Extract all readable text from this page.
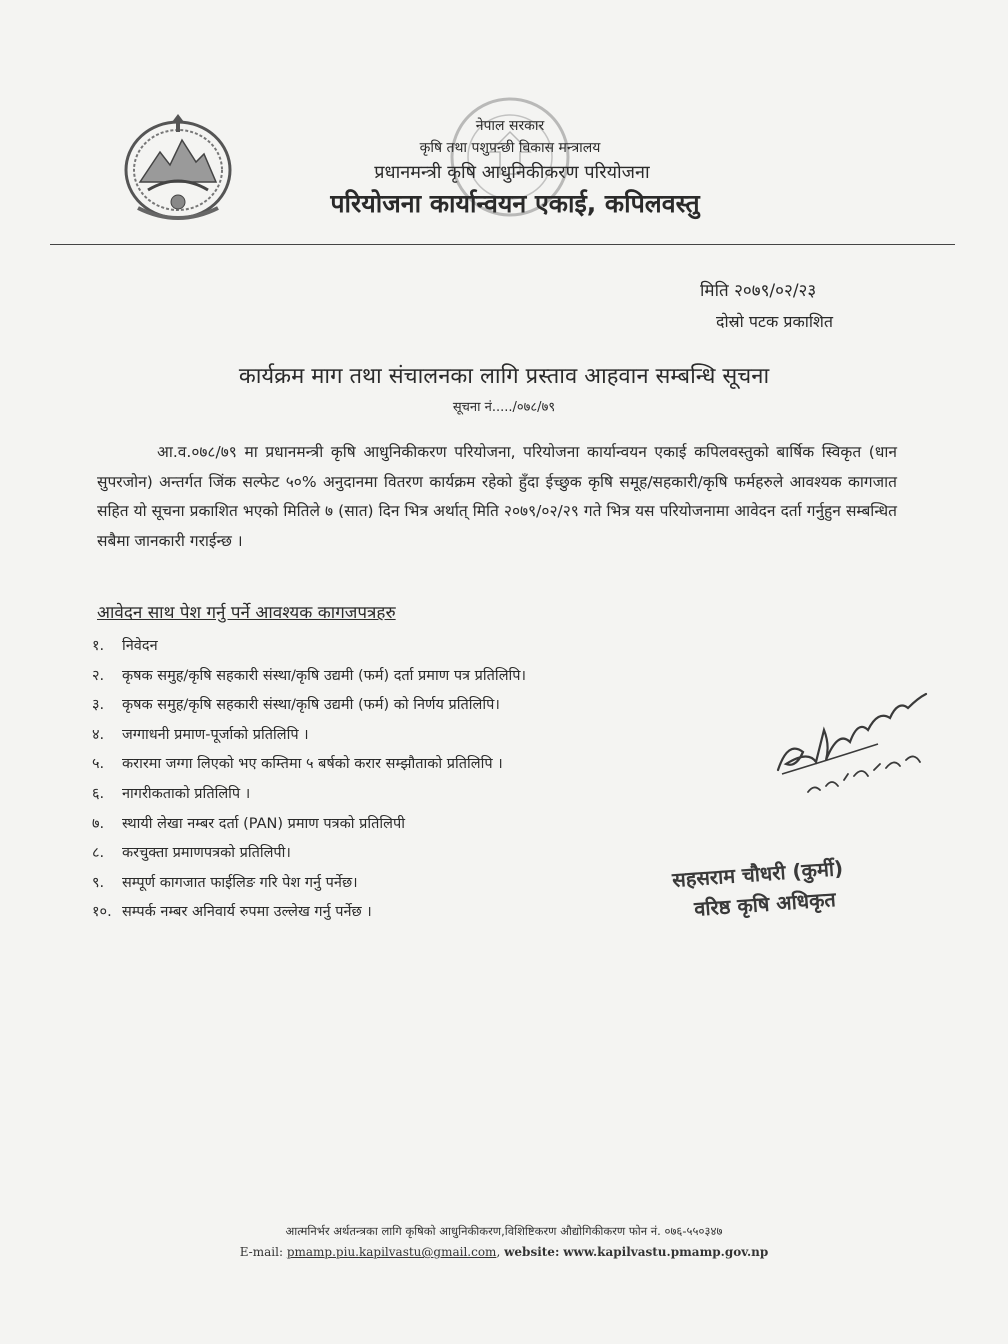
नेपाल सरकार
कृषि तथा पशुपन्छी विकास मन्त्रालय
प्रधानमन्त्री कृषि आधुनिकीकरण परियोजना
परियोजना कार्यान्वयन एकाई, कपिलवस्तु
मिति २०७९/०२/२३
दोस्रो पटक प्रकाशित
कार्यक्रम माग तथा संचालनका लागि प्रस्ताव आहवान सम्बन्धि सूचना
सूचना नं...../०७८/७९
आ.व.०७८/७९ मा प्रधानमन्त्री कृषि आधुनिकीकरण परियोजना, परियोजना कार्यान्वयन एकाई कपिलवस्तुको बार्षिक स्विकृत (धान सुपरजोन) अन्तर्गत जिंक सल्फेट ५०% अनुदानमा वितरण कार्यक्रम रहेको हुँदा ईच्छुक कृषि समूह/सहकारी/कृषि फर्महरुले आवश्यक कागजात सहित यो सूचना प्रकाशित भएको मितिले ७ (सात) दिन भित्र अर्थात् मिति २०७९/०२/२९ गते भित्र यस परियोजनामा आवेदन दर्ता गर्नुहुन सम्बन्धित सबैमा जानकारी गराईन्छ ।
आवेदन साथ पेश गर्नु पर्ने आवश्यक कागजपत्रहरु
१. निवेदन
२. कृषक समुह/कृषि सहकारी संस्था/कृषि उद्यमी (फर्म) दर्ता प्रमाण पत्र प्रतिलिपि।
३. कृषक समुह/कृषि सहकारी संस्था/कृषि उद्यमी (फर्म) को निर्णय प्रतिलिपि।
४. जग्गाधनी प्रमाण-पूर्जाको प्रतिलिपि ।
५. करारमा जग्गा लिएको भए कम्तिमा ५ बर्षको करार सम्झौताको प्रतिलिपि ।
६. नागरीकताको प्रतिलिपि ।
७. स्थायी लेखा नम्बर दर्ता (PAN) प्रमाण पत्रको प्रतिलिपी
८. करचुक्ता प्रमाणपत्रको प्रतिलिपी।
९. सम्पूर्ण कागजात फाईलिङ गरि पेश गर्नु पर्नेछ।
१०. सम्पर्क नम्बर अनिवार्य रुपमा उल्लेख गर्नु पर्नेछ ।
सहसराम चौधरी (कुर्मी)
वरिष्ठ कृषि अधिकृत
आत्मनिर्भर अर्थतन्त्रका लागि कृषिको आधुनिकीकरण,विशिष्टिकरण औद्योगिकीकरण फोन नं. ०७६-५५०३४७
E-mail: pmamp.piu.kapilvastu@gmail.com, website: www.kapilvastu.pmamp.gov.np
